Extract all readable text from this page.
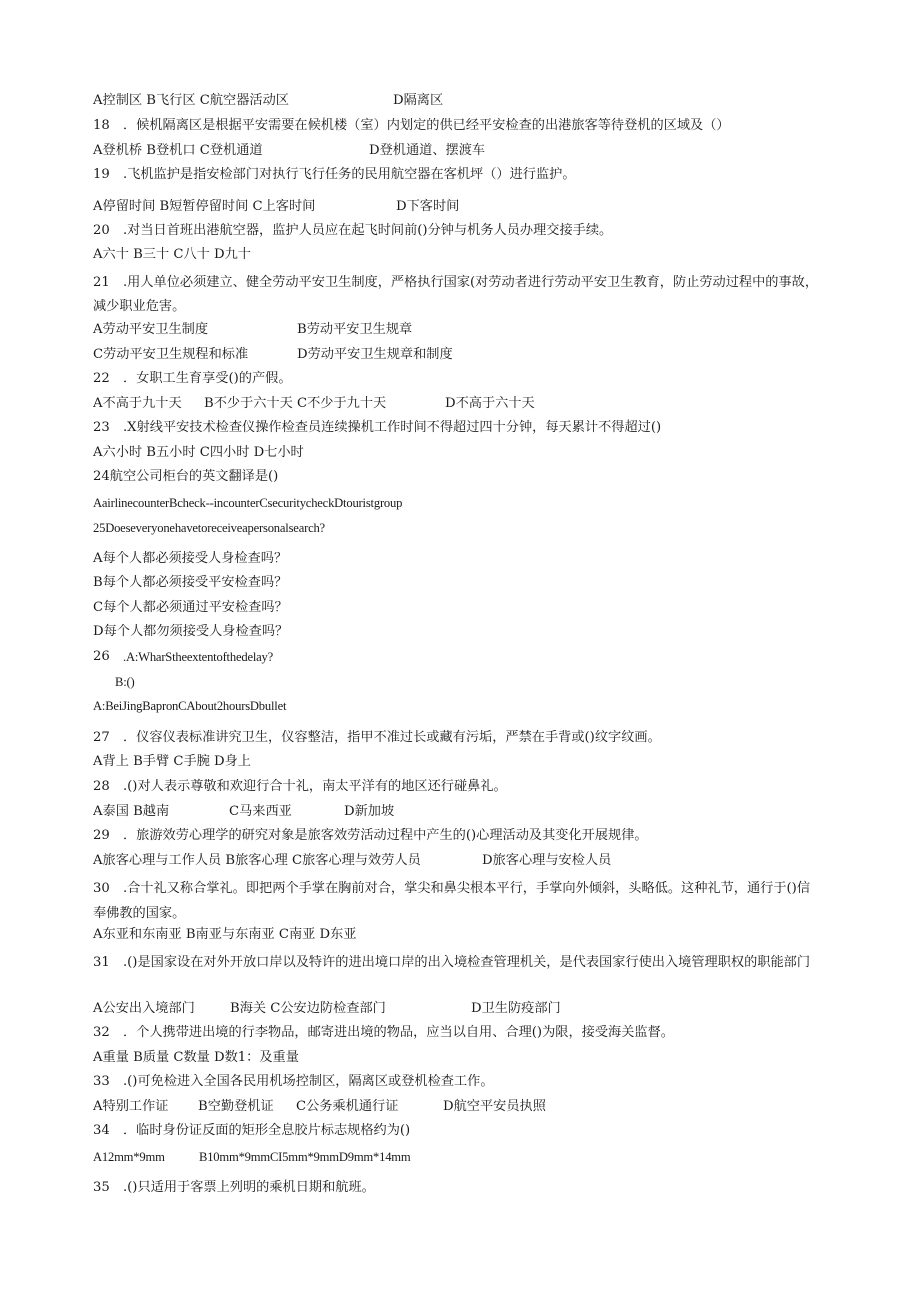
A控制区 B飞行区 C航空器活动区	D隔离区
18　．候机隔离区是根据平安需要在候机楼（室）内划定的供已经平安检查的出港旅客等待登机的区域及（）
A登机桥 B登机口 C登机通道	D登机通道、摆渡车
19　.飞机监护是指安检部门对执行飞行任务的民用航空器在客机坪（）进行监护。
A停留时间 B短暂停留时间 C上客时间	D下客时间
20　.对当日首班出港航空器，监护人员应在起飞时间前()分钟与机务人员办理交接手续。
A六十 B三十 C八十 D九十
21　.用人单位必须建立、健全劳动平安卫生制度，严格执行国家(对劳动者进行劳动平安卫生教育，防止劳动过程中的事故，减少职业危害。
A劳动平安卫生制度	B劳动平安卫生规章
C劳动平安卫生规程和标准	D劳动平安卫生规章和制度
22　．女职工生育享受()的产假。
A不高于九十天 B不少于六十天 C不少于九十天	D不高于六十天
23　.X射线平安技术检查仪操作检查员连续操机工作时间不得超过四十分钟，每天累计不得超过()
A六小时 B五小时 C四小时 D七小时
24航空公司柜台的英文翻译是()
AairlinecounterBcheck--incounterCsecuritycheckDtouristgroup
25Doeseveryonehavetoreceiveapersonalsearch?
A每个人都必须接受人身检查吗？
B每个人都必须接受平安检查吗？
C每个人都必须通过平安检查吗？
D每个人都勿须接受人身检查吗？
26 .A:WharStheextentofthedelay?
B:()
A:BeiJingBapronCAbout2hoursDbullet
27　．仪容仪表标准讲究卫生，仪容整洁，指甲不准过长或藏有污垢，严禁在手背或()纹字纹画。
A背上 B手臂 C手腕 D身上
28　.()对人表示尊敬和欢迎行合十礼，南太平洋有的地区还行碰鼻礼。
A泰国 B越南	C马来西亚	D新加坡
29　．旅游效劳心理学的研究对象是旅客效劳活动过程中产生的()心理活动及其变化开展规律。
A旅客心理与工作人员 B旅客心理 C旅客心理与效劳人员	D旅客心理与安检人员
30　.合十礼又称合掌礼。即把两个手掌在胸前对合，掌尖和鼻尖根本平行，手掌向外倾斜，头略低。这种礼节，通行于()信奉佛教的国家。
A东亚和东南亚 B南亚与东南亚 C南亚 D东亚
31　.()是国家设在对外开放口岸以及特许的进出境口岸的出入境检查管理机关，是代表国家行使出入境管理职权的职能部门
A公安出入境部门	B海关 C公安边防检查部门	D卫生防疫部门
32　．个人携带进出境的行李物品，邮寄进出境的物品，应当以自用、合理()为限，接受海关监督。
A重量 B质量 C数量 D数1：及重量
33　.()可免检进入全国各民用机场控制区，隔离区或登机检查工作。
A特别工作证 B空勤登机证 C公务乘机通行证	D航空平安员执照
34　．临时身份证反面的矩形全息胶片标志规格约为()
A12mm*9mm	B10mm*9mmCI5mm*9mmD9mm*14mm
35　.()只适用于客票上列明的乘机日期和航班。
